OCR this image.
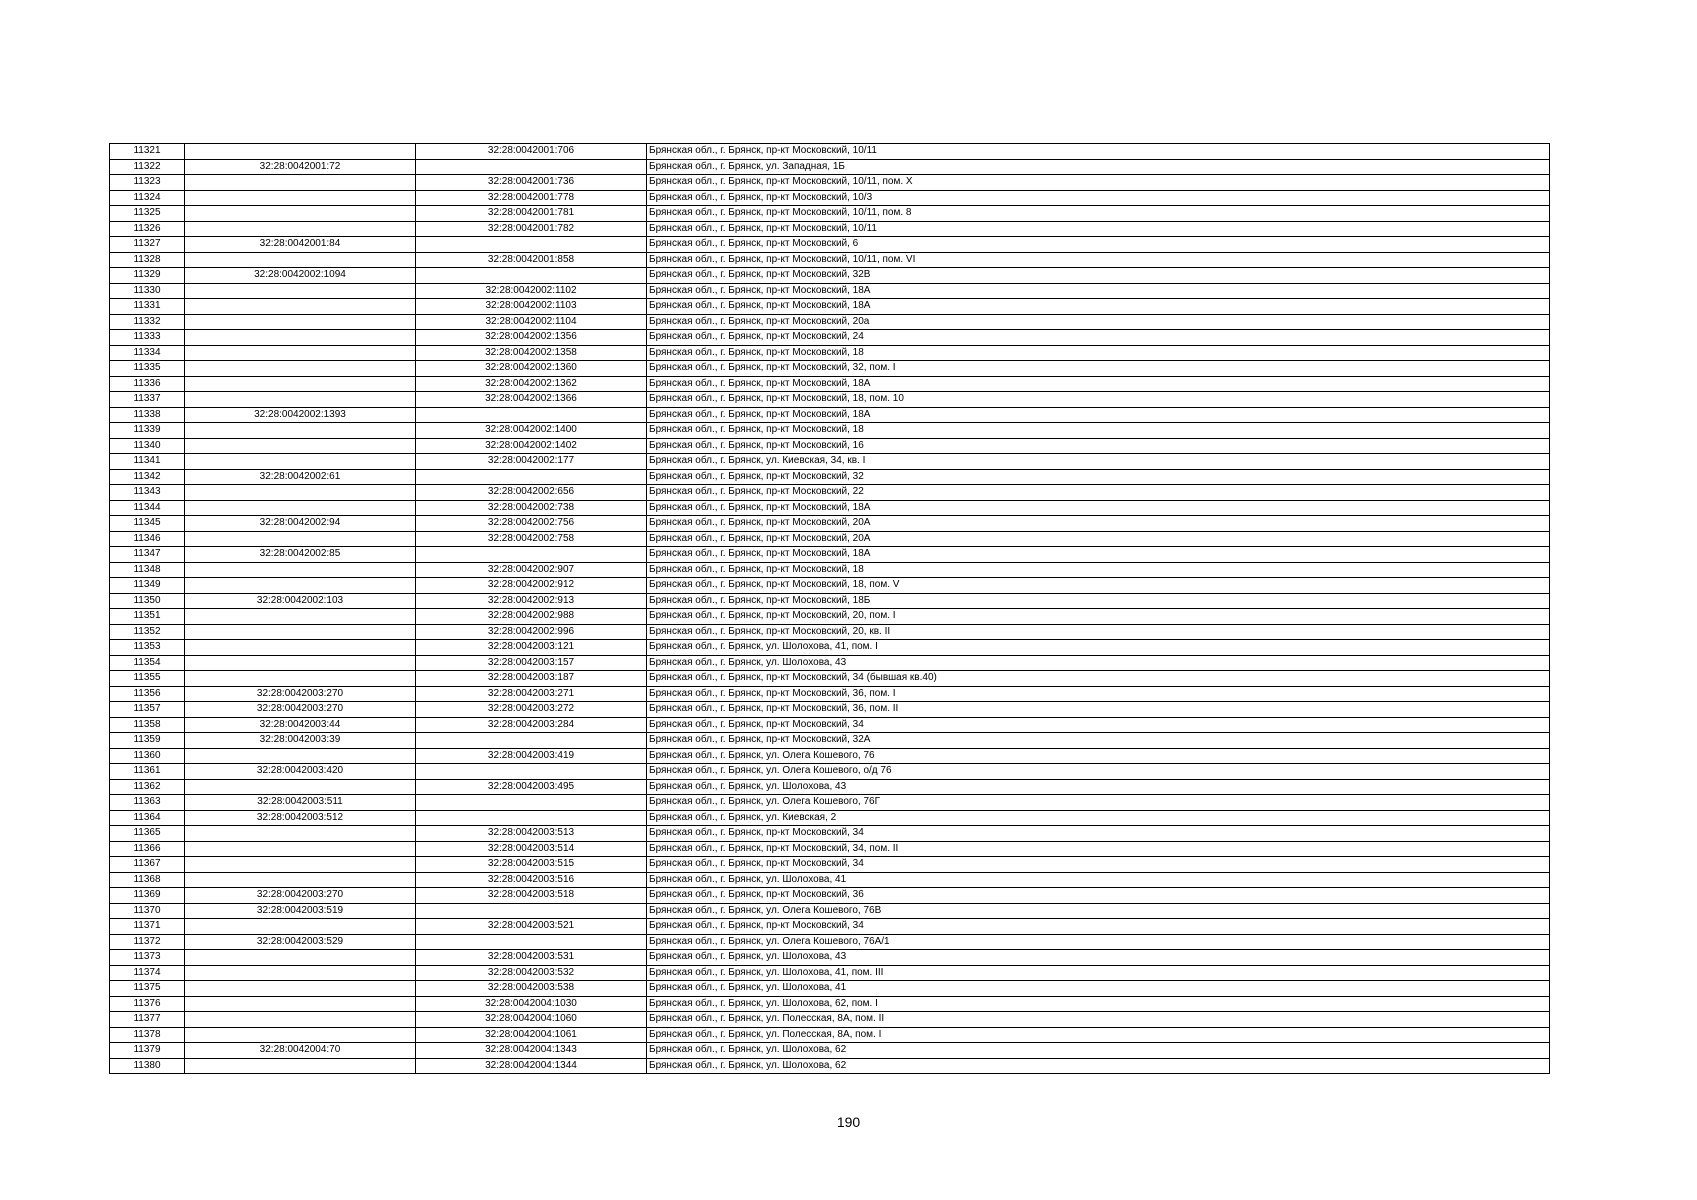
11321		32:28:0042001:706	Брянская обл., г. Брянск, пр-кт Московский, 10/11
11322	32:28:0042001:72		Брянская обл., г. Брянск, ул. Западная, 1Б
11323		32:28:0042001:736	Брянская обл., г. Брянск, пр-кт Московский, 10/11, пом. X
11324		32:28:0042001:778	Брянская обл., г. Брянск, пр-кт Московский, 10/3
11325		32:28:0042001:781	Брянская обл., г. Брянск, пр-кт Московский, 10/11, пом. 8
11326		32:28:0042001:782	Брянская обл., г. Брянск, пр-кт Московский, 10/11
11327	32:28:0042001:84		Брянская обл., г. Брянск, пр-кт Московский, 6
11328		32:28:0042001:858	Брянская обл., г. Брянск, пр-кт Московский, 10/11, пом. VI
11329	32:28:0042002:1094		Брянская обл., г. Брянск, пр-кт Московский, 32В
11330		32:28:0042002:1102	Брянская обл., г. Брянск, пр-кт Московский, 18А
11331		32:28:0042002:1103	Брянская обл., г. Брянск, пр-кт Московский, 18А
11332		32:28:0042002:1104	Брянская обл., г. Брянск, пр-кт Московский, 20а
11333		32:28:0042002:1356	Брянская обл., г. Брянск, пр-кт Московский, 24
11334		32:28:0042002:1358	Брянская обл., г. Брянск, пр-кт Московский, 18
11335		32:28:0042002:1360	Брянская обл., г. Брянск, пр-кт Московский, 32, пом. I
11336		32:28:0042002:1362	Брянская обл., г. Брянск, пр-кт Московский, 18А
11337		32:28:0042002:1366	Брянская обл., г. Брянск, пр-кт Московский, 18, пом. 10
11338	32:28:0042002:1393		Брянская обл., г. Брянск, пр-кт Московский, 18А
11339		32:28:0042002:1400	Брянская обл., г. Брянск, пр-кт Московский, 18
11340		32:28:0042002:1402	Брянская обл., г. Брянск, пр-кт Московский, 16
11341		32:28:0042002:177	Брянская обл., г. Брянск, ул. Киевская, 34, кв. I
11342	32:28:0042002:61		Брянская обл., г. Брянск, пр-кт Московский, 32
11343		32:28:0042002:656	Брянская обл., г. Брянск, пр-кт Московский, 22
11344		32:28:0042002:738	Брянская обл., г. Брянск, пр-кт Московский, 18А
11345	32:28:0042002:94	32:28:0042002:756	Брянская обл., г. Брянск, пр-кт Московский, 20А
11346		32:28:0042002:758	Брянская обл., г. Брянск, пр-кт Московский, 20А
11347	32:28:0042002:85		Брянская обл., г. Брянск, пр-кт Московский, 18А
11348		32:28:0042002:907	Брянская обл., г. Брянск, пр-кт Московский, 18
11349		32:28:0042002:912	Брянская обл., г. Брянск, пр-кт Московский, 18, пом. V
11350	32:28:0042002:103	32:28:0042002:913	Брянская обл., г. Брянск, пр-кт Московский, 18Б
11351		32:28:0042002:988	Брянская обл., г. Брянск, пр-кт Московский, 20, пом. I
11352		32:28:0042002:996	Брянская обл., г. Брянск, пр-кт Московский, 20, кв. II
11353		32:28:0042003:121	Брянская обл., г. Брянск, ул. Шолохова, 41, пом. I
11354		32:28:0042003:157	Брянская обл., г. Брянск, ул. Шолохова, 43
11355		32:28:0042003:187	Брянская обл., г. Брянск, пр-кт Московский, 34 (бывшая кв.40)
11356	32:28:0042003:270	32:28:0042003:271	Брянская обл., г. Брянск, пр-кт Московский, 36, пом. I
11357	32:28:0042003:270	32:28:0042003:272	Брянская обл., г. Брянск, пр-кт Московский, 36, пом. II
11358	32:28:0042003:44	32:28:0042003:284	Брянская обл., г. Брянск, пр-кт Московский, 34
11359	32:28:0042003:39		Брянская обл., г. Брянск, пр-кт Московский, 32А
11360		32:28:0042003:419	Брянская обл., г. Брянск, ул. Олега Кошевого, 76
11361	32:28:0042003:420		Брянская обл., г. Брянск, ул. Олега Кошевого, о/д 76
11362		32:28:0042003:495	Брянская обл., г. Брянск, ул. Шолохова, 43
11363	32:28:0042003:511		Брянская обл., г. Брянск, ул. Олега Кошевого, 76Г
11364	32:28:0042003:512		Брянская обл., г. Брянск, ул. Киевская, 2
11365		32:28:0042003:513	Брянская обл., г. Брянск, пр-кт Московский, 34
11366		32:28:0042003:514	Брянская обл., г. Брянск, пр-кт Московский, 34, пом. II
11367		32:28:0042003:515	Брянская обл., г. Брянск, пр-кт Московский, 34
11368		32:28:0042003:516	Брянская обл., г. Брянск, ул. Шолохова, 41
11369	32:28:0042003:270	32:28:0042003:518	Брянская обл., г. Брянск, пр-кт Московский, 36
11370	32:28:0042003:519		Брянская обл., г. Брянск, ул. Олега Кошевого, 76В
11371		32:28:0042003:521	Брянская обл., г. Брянск, пр-кт Московский, 34
11372	32:28:0042003:529		Брянская обл., г. Брянск, ул. Олега Кошевого, 76А/1
11373		32:28:0042003:531	Брянская обл., г. Брянск, ул. Шолохова, 43
11374		32:28:0042003:532	Брянская обл., г. Брянск, ул. Шолохова, 41, пом. III
11375		32:28:0042003:538	Брянская обл., г. Брянск, ул. Шолохова, 41
11376		32:28:0042004:1030	Брянская обл., г. Брянск, ул. Шолохова, 62, пом. I
11377		32:28:0042004:1060	Брянская обл., г. Брянск, ул. Полесская, 8А, пом. II
11378		32:28:0042004:1061	Брянская обл., г. Брянск, ул. Полесская, 8А, пом. I
11379	32:28:0042004:70	32:28:0042004:1343	Брянская обл., г. Брянск, ул. Шолохова, 62
11380		32:28:0042004:1344	Брянская обл., г. Брянск, ул. Шолохова, 62
190
